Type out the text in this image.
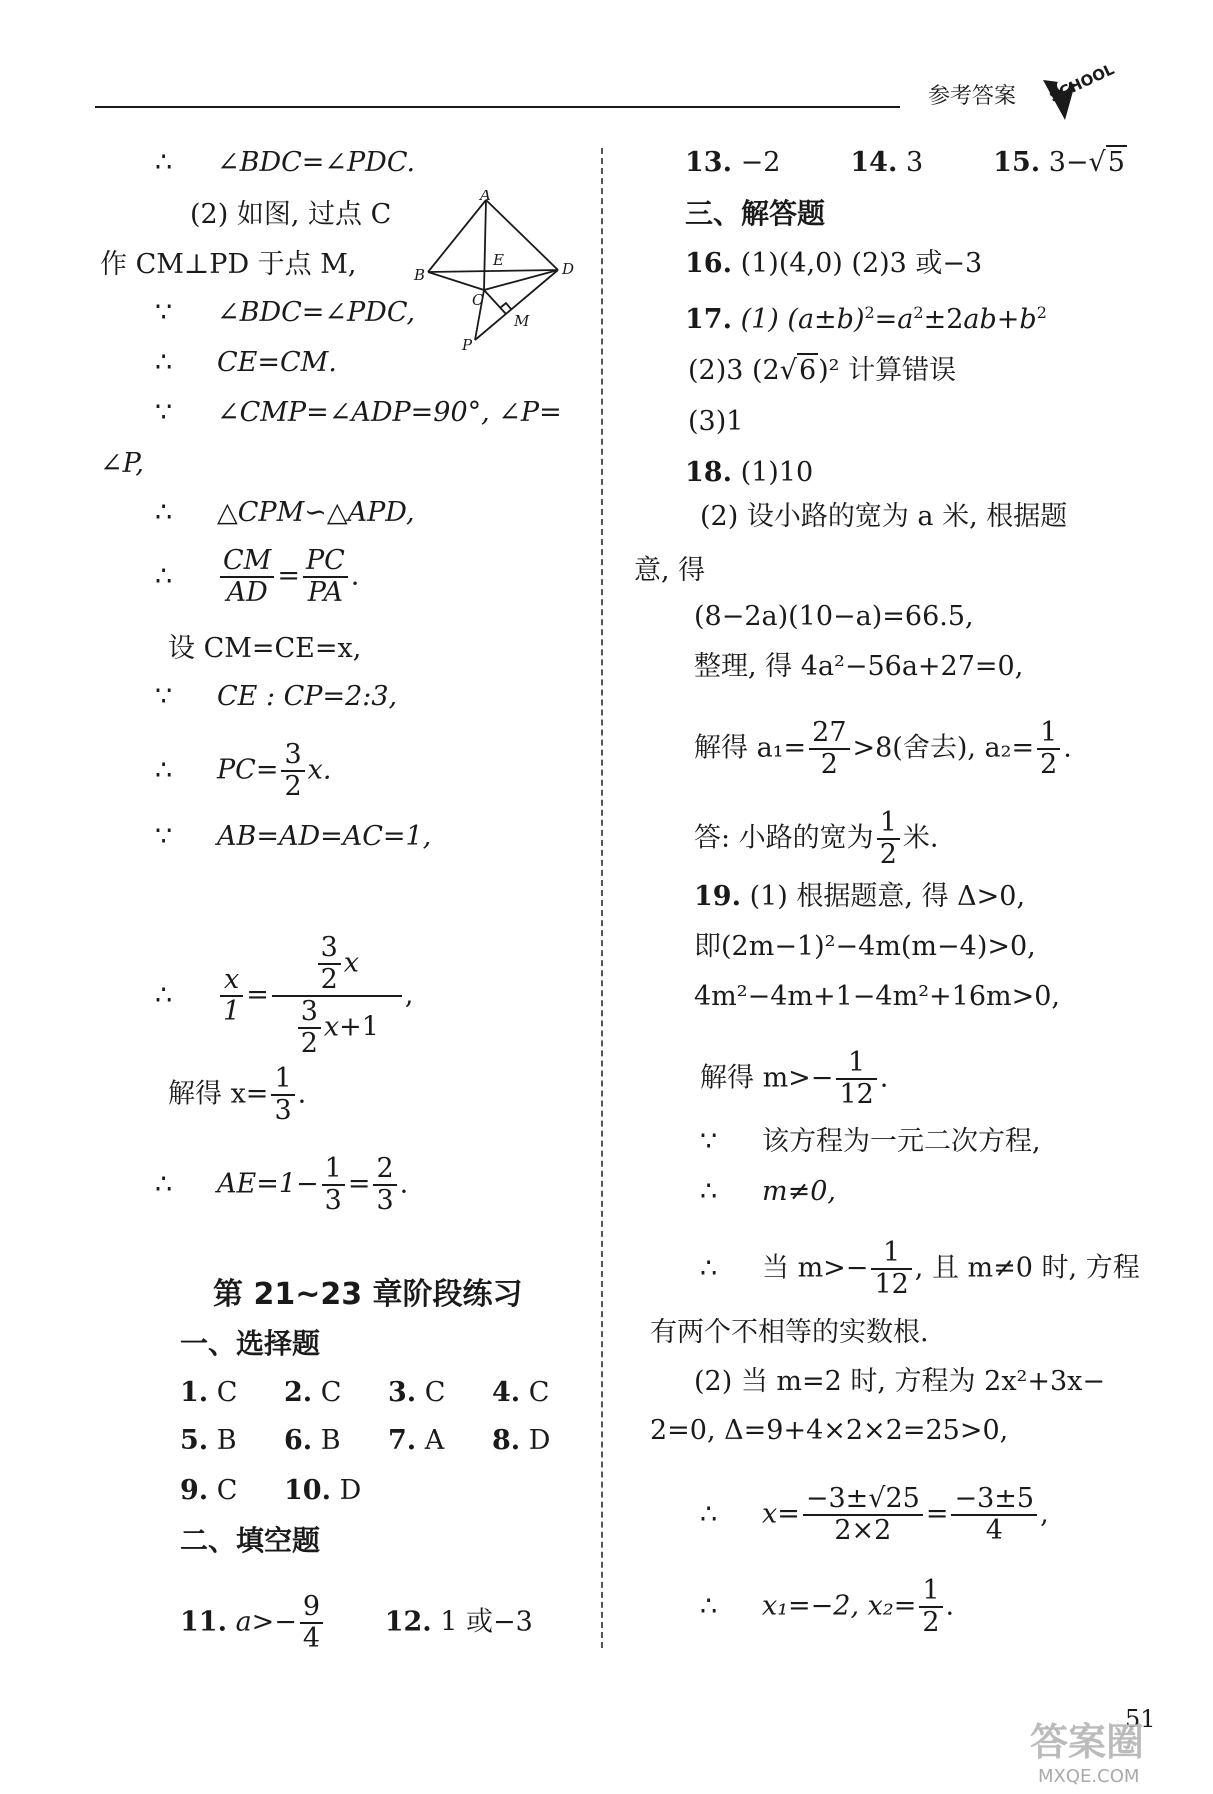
参考答案 SCHOOL
∴ ∠BDC=∠PDC.
(2) 如图, 过点 C
作 CM⊥PD 于点 M,
∵ ∠BDC=∠PDC,
∴ CE=CM.
∵ ∠CMP=∠ADP=90°, ∠P=
∠P,
∴ △CPM∽△APD,
∴ $\frac{CM}{AD} = \frac{PC}{PA}$ .
设 CM=CE=x,
∵ CE : CP=2:3,
∴ $PC= \frac{3}{2} x$.
∵ AB=AD=AC=1,
∴ $\frac{x}{1} = \frac{\frac{3}{2} x}{\frac{3}{2} x+1}$ ,
解得 $x= \frac{1}{3}$ .
∴ $AE=1- \frac{1}{3} = \frac{2}{3}$ .
第 21~23 章阶段练习
一、选择题
1. C 2. C 3. C 4. C
5. B 6. B 7. A 8. D
9. C 10. D
二、填空题
11. $a>- \frac{9}{4} 12$. 1 或−3
A
B
E	D
C
M
P
13. −2	14. 3	15. 3−√5
三、解答题
16. (1)(4,0) (2)3 或−3
17. (1) $(a\pm b)^2=a^2\pm 2ab+b^2$
(2)3 (2√6)² 计算错误
(3)1
18. (1)10
(2) 设小路的宽为 a 米, 根据题
意, 得
(8−2a)(10−a)=66.5,
整理, 得 4a²−56a+27=0,
解得 $a_1= \frac{27}{2} >8$(舍去), $a_2= \frac{1}{2}$ .
答: 小路的宽为 $\frac{1}{2}$ 米.
19. (1) 根据题意, 得 Δ>0,
即(2m−1)²−4m(m−4)>0,
4m²−4m+1−4m²+16m>0,
解得 $m>- \frac{1}{12}$ .
∵ 该方程为一元二次方程,
∴ m≠0,
∴ 当 $m>- \frac{1}{12}$ , 且 m≠0 时, 方程
有两个不相等的实数根.
(2) 当 m=2 时, 方程为 2x²+3x−
2=0, Δ=9+4×2×2=25>0,
∴ $x= \frac{-3\pm√25}{2\times 2} = \frac{-3\pm 5}{4}$ ,
∴ x₁=−2, $x_2= \frac{1}{2}$ .
51
答案圈
MXQE.COM
